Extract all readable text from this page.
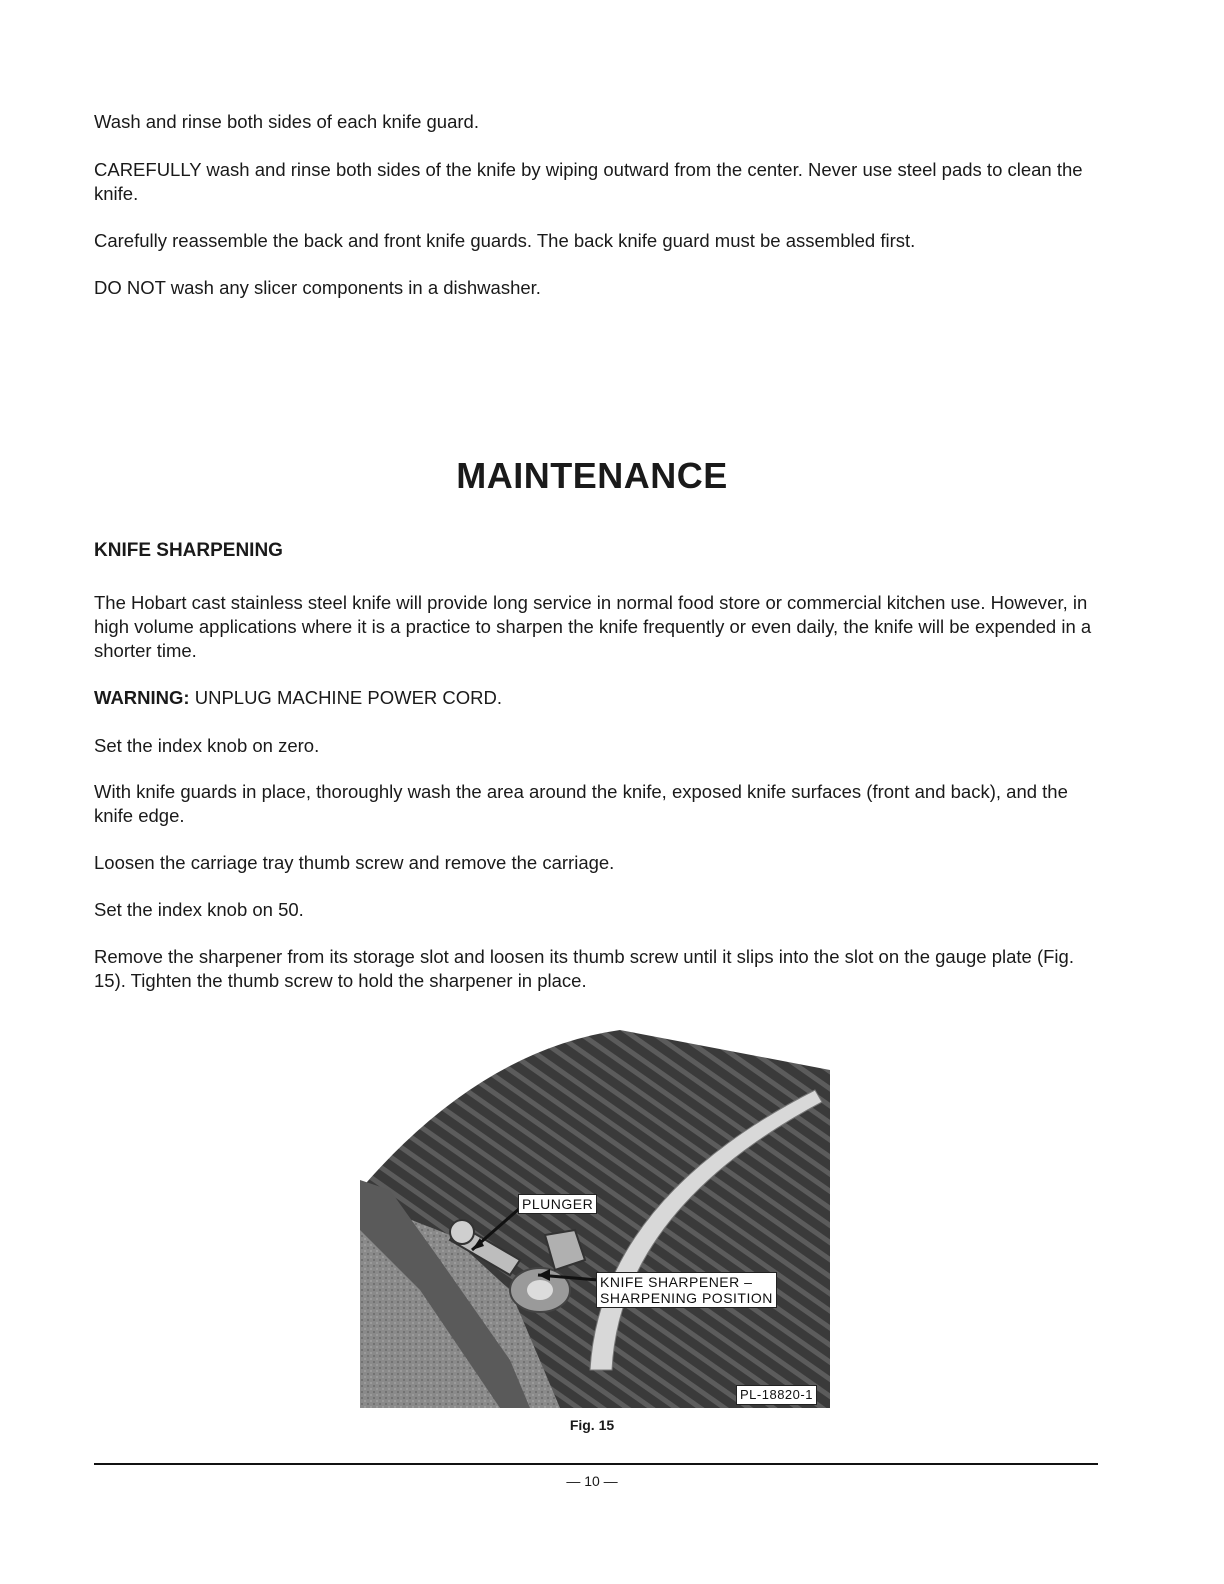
Wash and rinse both sides of each knife guard.

CAREFULLY wash and rinse both sides of the knife by wiping outward from the center. Never use steel pads to clean the knife.

Carefully reassemble the back and front knife guards. The back knife guard must be assembled first.

DO NOT wash any slicer components in a dishwasher.

MAINTENANCE
KNIFE SHARPENING

The Hobart cast stainless steel knife will provide long service in normal food store or commercial kitchen use. However, in high volume applications where it is a practice to sharpen the knife frequently or even daily, the knife will be expended in a shorter time.

WARNING: UNPLUG MACHINE POWER CORD.

Set the index knob on zero.

With knife guards in place, thoroughly wash the area around the knife, exposed knife surfaces (front and back), and the knife edge.

Loosen the carriage tray thumb screw and remove the carriage.

Set the index knob on 50.

Remove the sharpener from its storage slot and loosen its thumb screw until it slips into the slot on the gauge plate (Fig. 15). Tighten the thumb screw to hold the sharpener in place.

PLUNGER
KNIFE SHARPENER –
SHARPENING POSITION
PL-18820-1
Fig. 15
— 10 —
